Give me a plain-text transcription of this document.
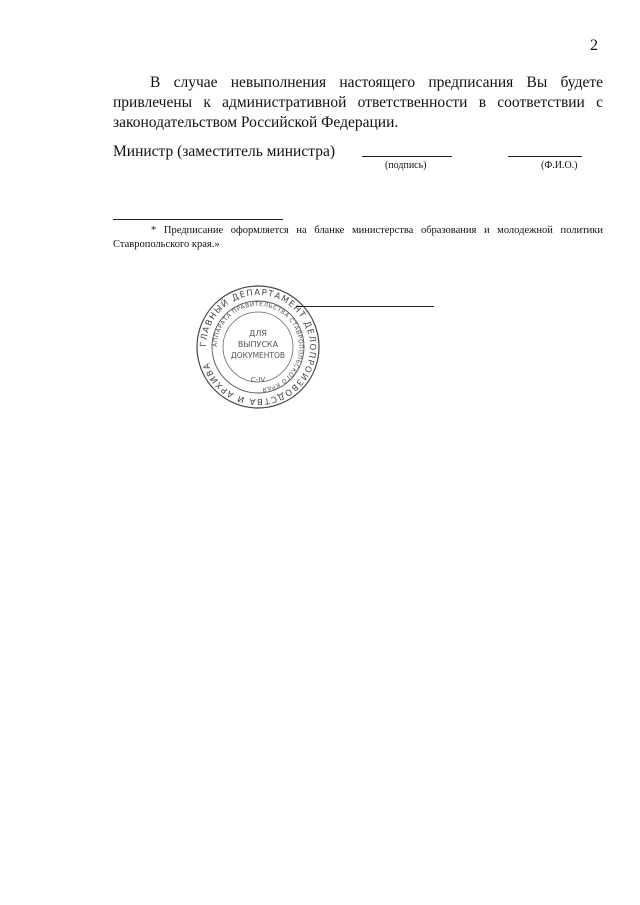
2

В случае невыполнения настоящего предписания Вы будете привлечены к административной ответственности в соответствии с законодательством Российской Федерации.

Министр (заместитель министра)
(подпись)	(Ф.И.О.)

* Предписание оформляется на бланке министерства образования и молодежной политики Ставропольского края.»

ГЛАВНЫЙ ДЕПАРТАМЕНТ ДЕЛОПРОИЗВОДСТВА И АРХИВА
АППАРАТА ПРАВИТЕЛЬСТВА СТАВРОПОЛЬСКОГО КРАЯ
ДЛЯ
ВЫПУСКА
ДОКУМЕНТОВ
С-IV
